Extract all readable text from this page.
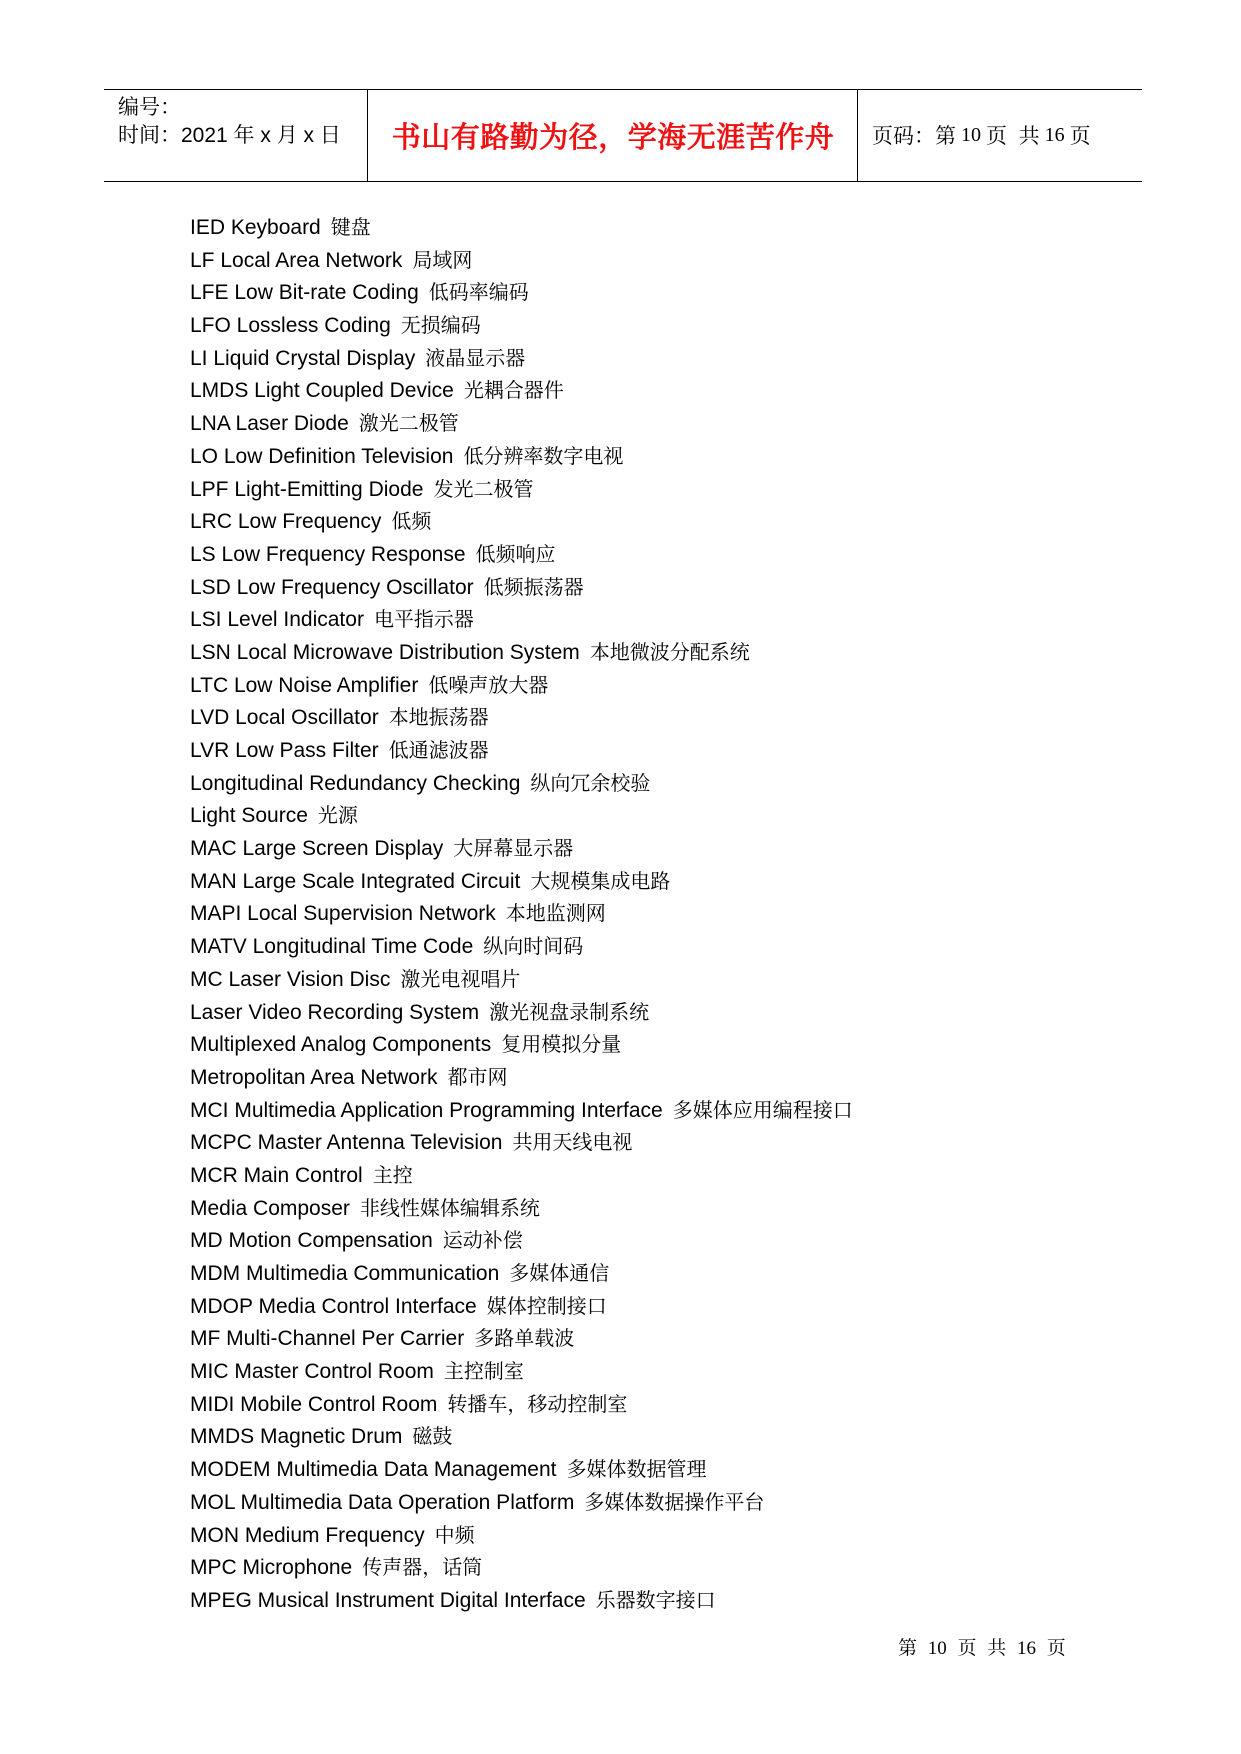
编号：
时间：2021 年 x 月 x 日	书山有路勤为径，学海无涯苦作舟	页码：第 10 页  共 16 页
IED Keyboard 键盘
LF Local Area Network 局域网
LFE Low Bit-rate Coding 低码率编码
LFO Lossless Coding 无损编码
LI Liquid Crystal Display 液晶显示器
LMDS Light Coupled Device 光耦合器件
LNA Laser Diode 激光二极管
LO Low Definition Television 低分辨率数字电视
LPF Light-Emitting Diode 发光二极管
LRC Low Frequency 低频
LS Low Frequency Response 低频响应
LSD Low Frequency Oscillator 低频振荡器
LSI Level Indicator 电平指示器
LSN Local Microwave Distribution System 本地微波分配系统
LTC Low Noise Amplifier 低噪声放大器
LVD Local Oscillator 本地振荡器
LVR Low Pass Filter 低通滤波器
Longitudinal Redundancy Checking 纵向冗余校验
Light Source 光源
MAC Large Screen Display 大屏幕显示器
MAN Large Scale Integrated Circuit 大规模集成电路
MAPI Local Supervision Network 本地监测网
MATV Longitudinal Time Code 纵向时间码
MC Laser Vision Disc 激光电视唱片
Laser Video Recording System 激光视盘录制系统
Multiplexed Analog Components 复用模拟分量
Metropolitan Area Network 都市网
MCI Multimedia Application Programming Interface 多媒体应用编程接口
MCPC Master Antenna Television 共用天线电视
MCR Main Control 主控
Media Composer 非线性媒体编辑系统
MD Motion Compensation 运动补偿
MDM Multimedia Communication 多媒体通信
MDOP Media Control Interface 媒体控制接口
MF Multi-Channel Per Carrier 多路单载波
MIC Master Control Room 主控制室
MIDI Mobile Control Room 转播车，移动控制室
MMDS Magnetic Drum 磁鼓
MODEM Multimedia Data Management 多媒体数据管理
MOL Multimedia Data Operation Platform 多媒体数据操作平台
MON Medium Frequency 中频
MPC Microphone 传声器，话筒
MPEG Musical Instrument Digital Interface 乐器数字接口
第 10 页 共 16 页
